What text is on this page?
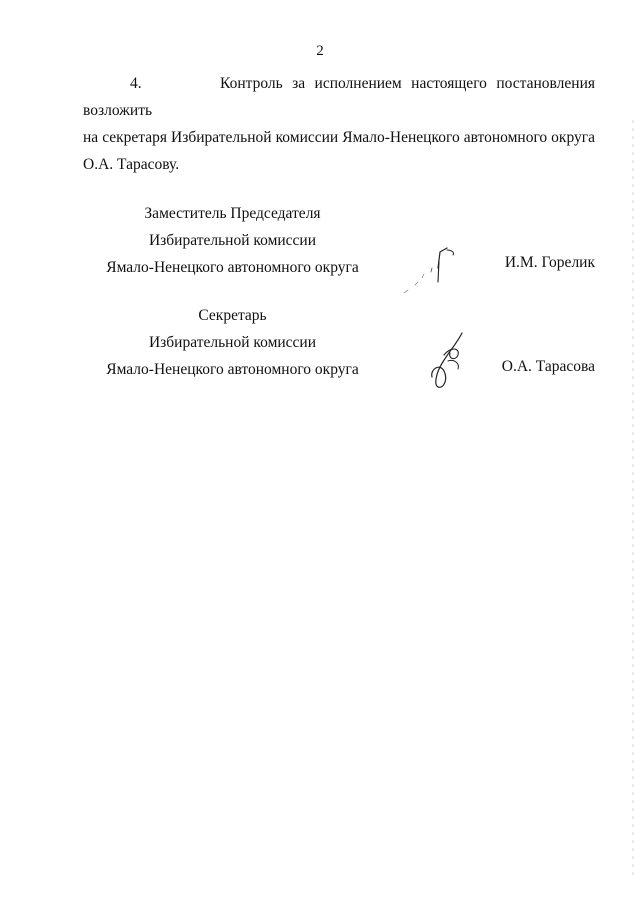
2
4.	Контроль за исполнением настоящего постановления возложить
на секретаря Избирательной комиссии Ямало-Ненецкого автономного округа
О.А. Тарасову.
Заместитель Председателя
Избирательной комиссии
Ямало-Ненецкого автономного округа	И.М. Горелик
Секретарь
Избирательной комиссии
Ямало-Ненецкого автономного округа	О.А. Тарасова
